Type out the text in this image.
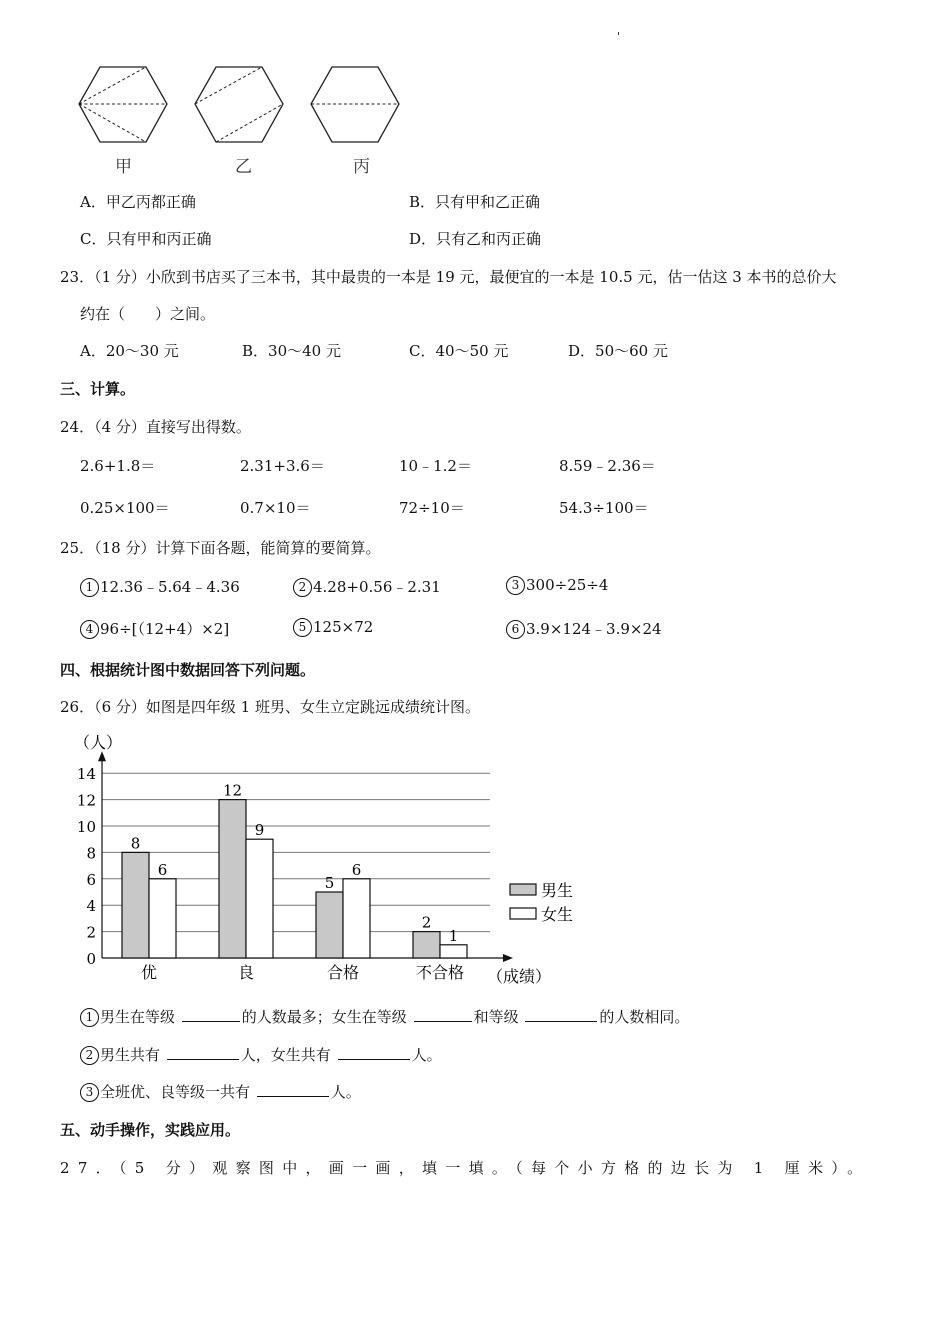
'
甲	乙	丙
A．甲乙丙都正确	B．只有甲和乙正确
C．只有甲和丙正确	D．只有乙和丙正确
23．（1 分）小欣到书店买了三本书，其中最贵的一本是 19 元，最便宜的一本是 10.5 元，估一估这 3 本书的总价大
约在（　　）之间。
A．20～30 元	B．30～40 元	C．40～50 元	D．50～60 元
三、计算。
24．（4 分）直接写出得数。
2.6+1.8＝	2.31+3.6＝	10﹣1.2＝	8.59﹣2.36＝
0.25×100＝	0.7×10＝	72÷10＝	54.3÷100＝
25．（18 分）计算下面各题，能简算的要简算。
1 12.36﹣5.64﹣4.36	2 4.28+0.56﹣2.31	3 300÷25÷4
4 96÷[（12+4）×2]	5 125×72	6 3.9×124﹣3.9×24
四、根据统计图中数据回答下列问题。
26．（6 分）如图是四年级 1 班男、女生立定跳远成绩统计图。
0
2
4
6
8
10
12
14
（人）
（成绩）
8
6
优
12
9
良
5
6
合格
2
1
不合格
男生
女生
1 男生在等级	的人数最多；女生在等级	和等级	的人数相同。
2 男生共有	人，女生共有	人。
3 全班优、良等级一共有	人。
五、动手操作，实践应用。
27．（5 分）观察图中，画一画，填一填。（每个小方格的边长为 1 厘米）。
